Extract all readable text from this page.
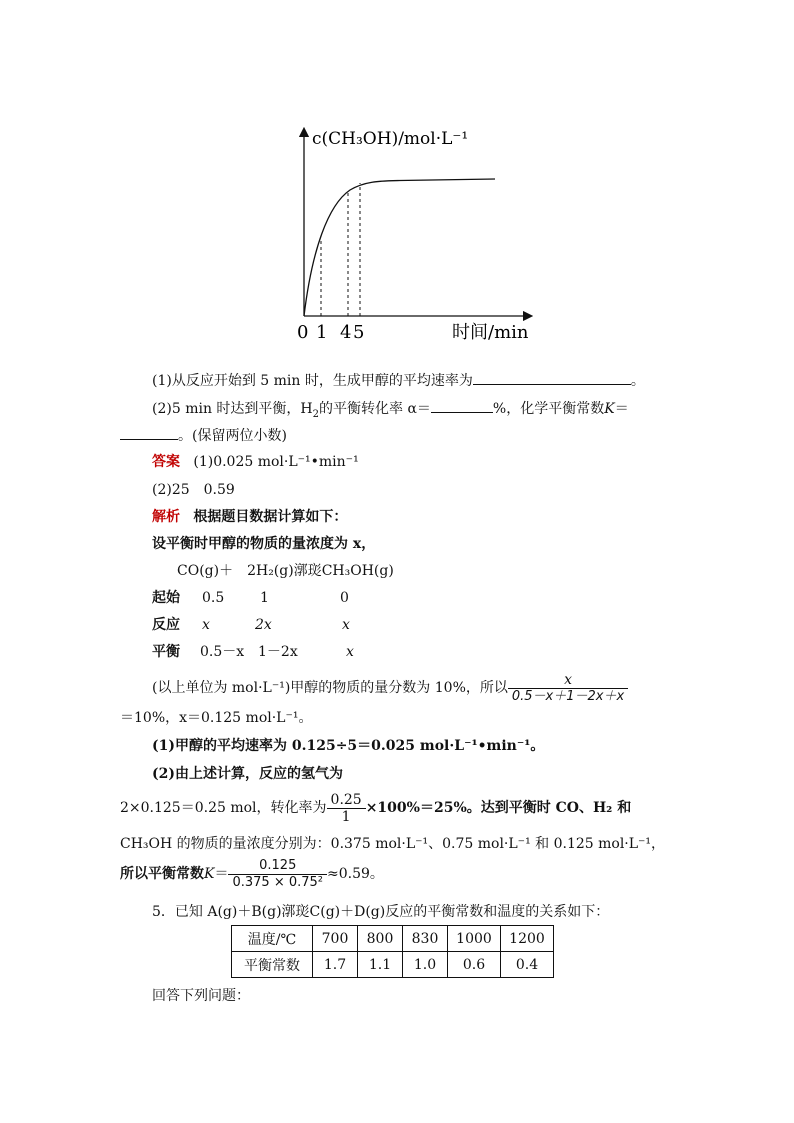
c(CH₃OH)/mol·L⁻¹
0 1 4 5	时间/min
(1)从反应开始到 5 min 时，生成甲醇的平均速率为	。
(2)5 min 时达到平衡，$H_2$的平衡转化率 α＝	%，化学平衡常数K＝
。(保留两位小数)
答案 (1)0.025 mol·L⁻¹•min⁻¹
(2)25 0.59
解析 根据题目数据计算如下：
设平衡时甲醇的物质的量浓度为 x，
CO(g)＋ 2H₂(g)漷珳CH₃OH(g)
起始 0.5	1	0
反应 x	2x	x
平衡 0.5－x 1－2x	x
(以上单位为 mol·L⁻¹)甲醇的物质的量分数为 10%，所以 $\frac{x}{0.5-x+1-2x+x}$
＝10%，x＝0.125 mol·L⁻¹。
(1)甲醇的平均速率为 0.125÷5＝0.025 mol·L⁻¹•min⁻¹。
(2)由上述计算，反应的氢气为
2×0.125＝0.25 mol，转化率为 $\frac{0.25}{1} \times 100\%=25\%$。达到平衡时 CO、H₂ 和
CH₃OH 的物质的量浓度分别为：0.375 mol·L⁻¹、0.75 mol·L⁻¹ 和 0.125 mol·L⁻¹，
所以平衡常数$K= \frac{0.125}{\text{0.375 × 0.75²}} \approx 0.59$。
5．已知 A(g)＋B(g)漷珳C(g)＋D(g)反应的平衡常数和温度的关系如下：
温度/℃	700	800	830	1000	1200
平衡常数	1.7	1.1	1.0	0.6	0.4
回答下列问题：
